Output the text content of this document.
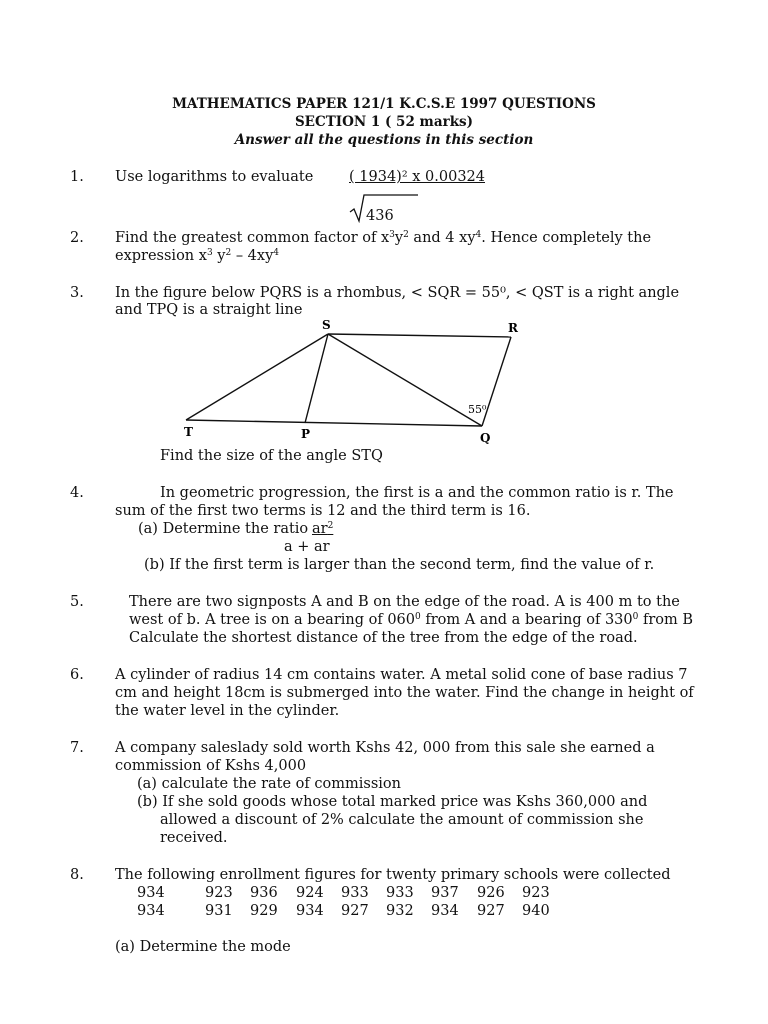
MATHEMATICS PAPER 121/1 K.C.S.E 1997 QUESTIONS
SECTION 1 ( 52 marks)
Answer all the questions in this section
1. Use logarithms to evaluate ( 1934)² x 0.00324
436
2. Find the greatest common factor of $x^3y^2$ and 4 $xy^4$. Hence completely the
expression $x^3$ $y^2 - 4xy^4$
3. In the figure below PQRS is a rhombus, < SQR = 55⁰, < QST is a right angle
and TPQ is a straight line
S	R
T	P	Q
55⁰
Find the size of the angle STQ
4.	In geometric progression, the first is a and the common ratio is r. The
sum of the first two terms is 12 and the third term is 16.
(a) Determine the ratio $ar^2$
a + ar
(b) If the first term is larger than the second term, find the value of r.
5.	There are two signposts A and B on the edge of the road. A is 400 m to the
west of b. A tree is on a bearing of $060^0$ from A and a bearing of $330^0$ from B
Calculate the shortest distance of the tree from the edge of the road.
6. A cylinder of radius 14 cm contains water. A metal solid cone of base radius 7
cm and height 18cm is submerged into the water. Find the change in height of
the water level in the cylinder.
7. A company saleslady sold worth Kshs 42, 000 from this sale she earned a
commission of Kshs 4,000
(a) calculate the rate of commission
(b) If she sold goods whose total marked price was Kshs 360,000 and
allowed a discount of 2% calculate the amount of commission she
received.
8. The following enrollment figures for twenty primary schools were collected
934	923 936 924 933 933 937 926 923
934	931 929 934 927 932 934 927 940
(a) Determine the mode
